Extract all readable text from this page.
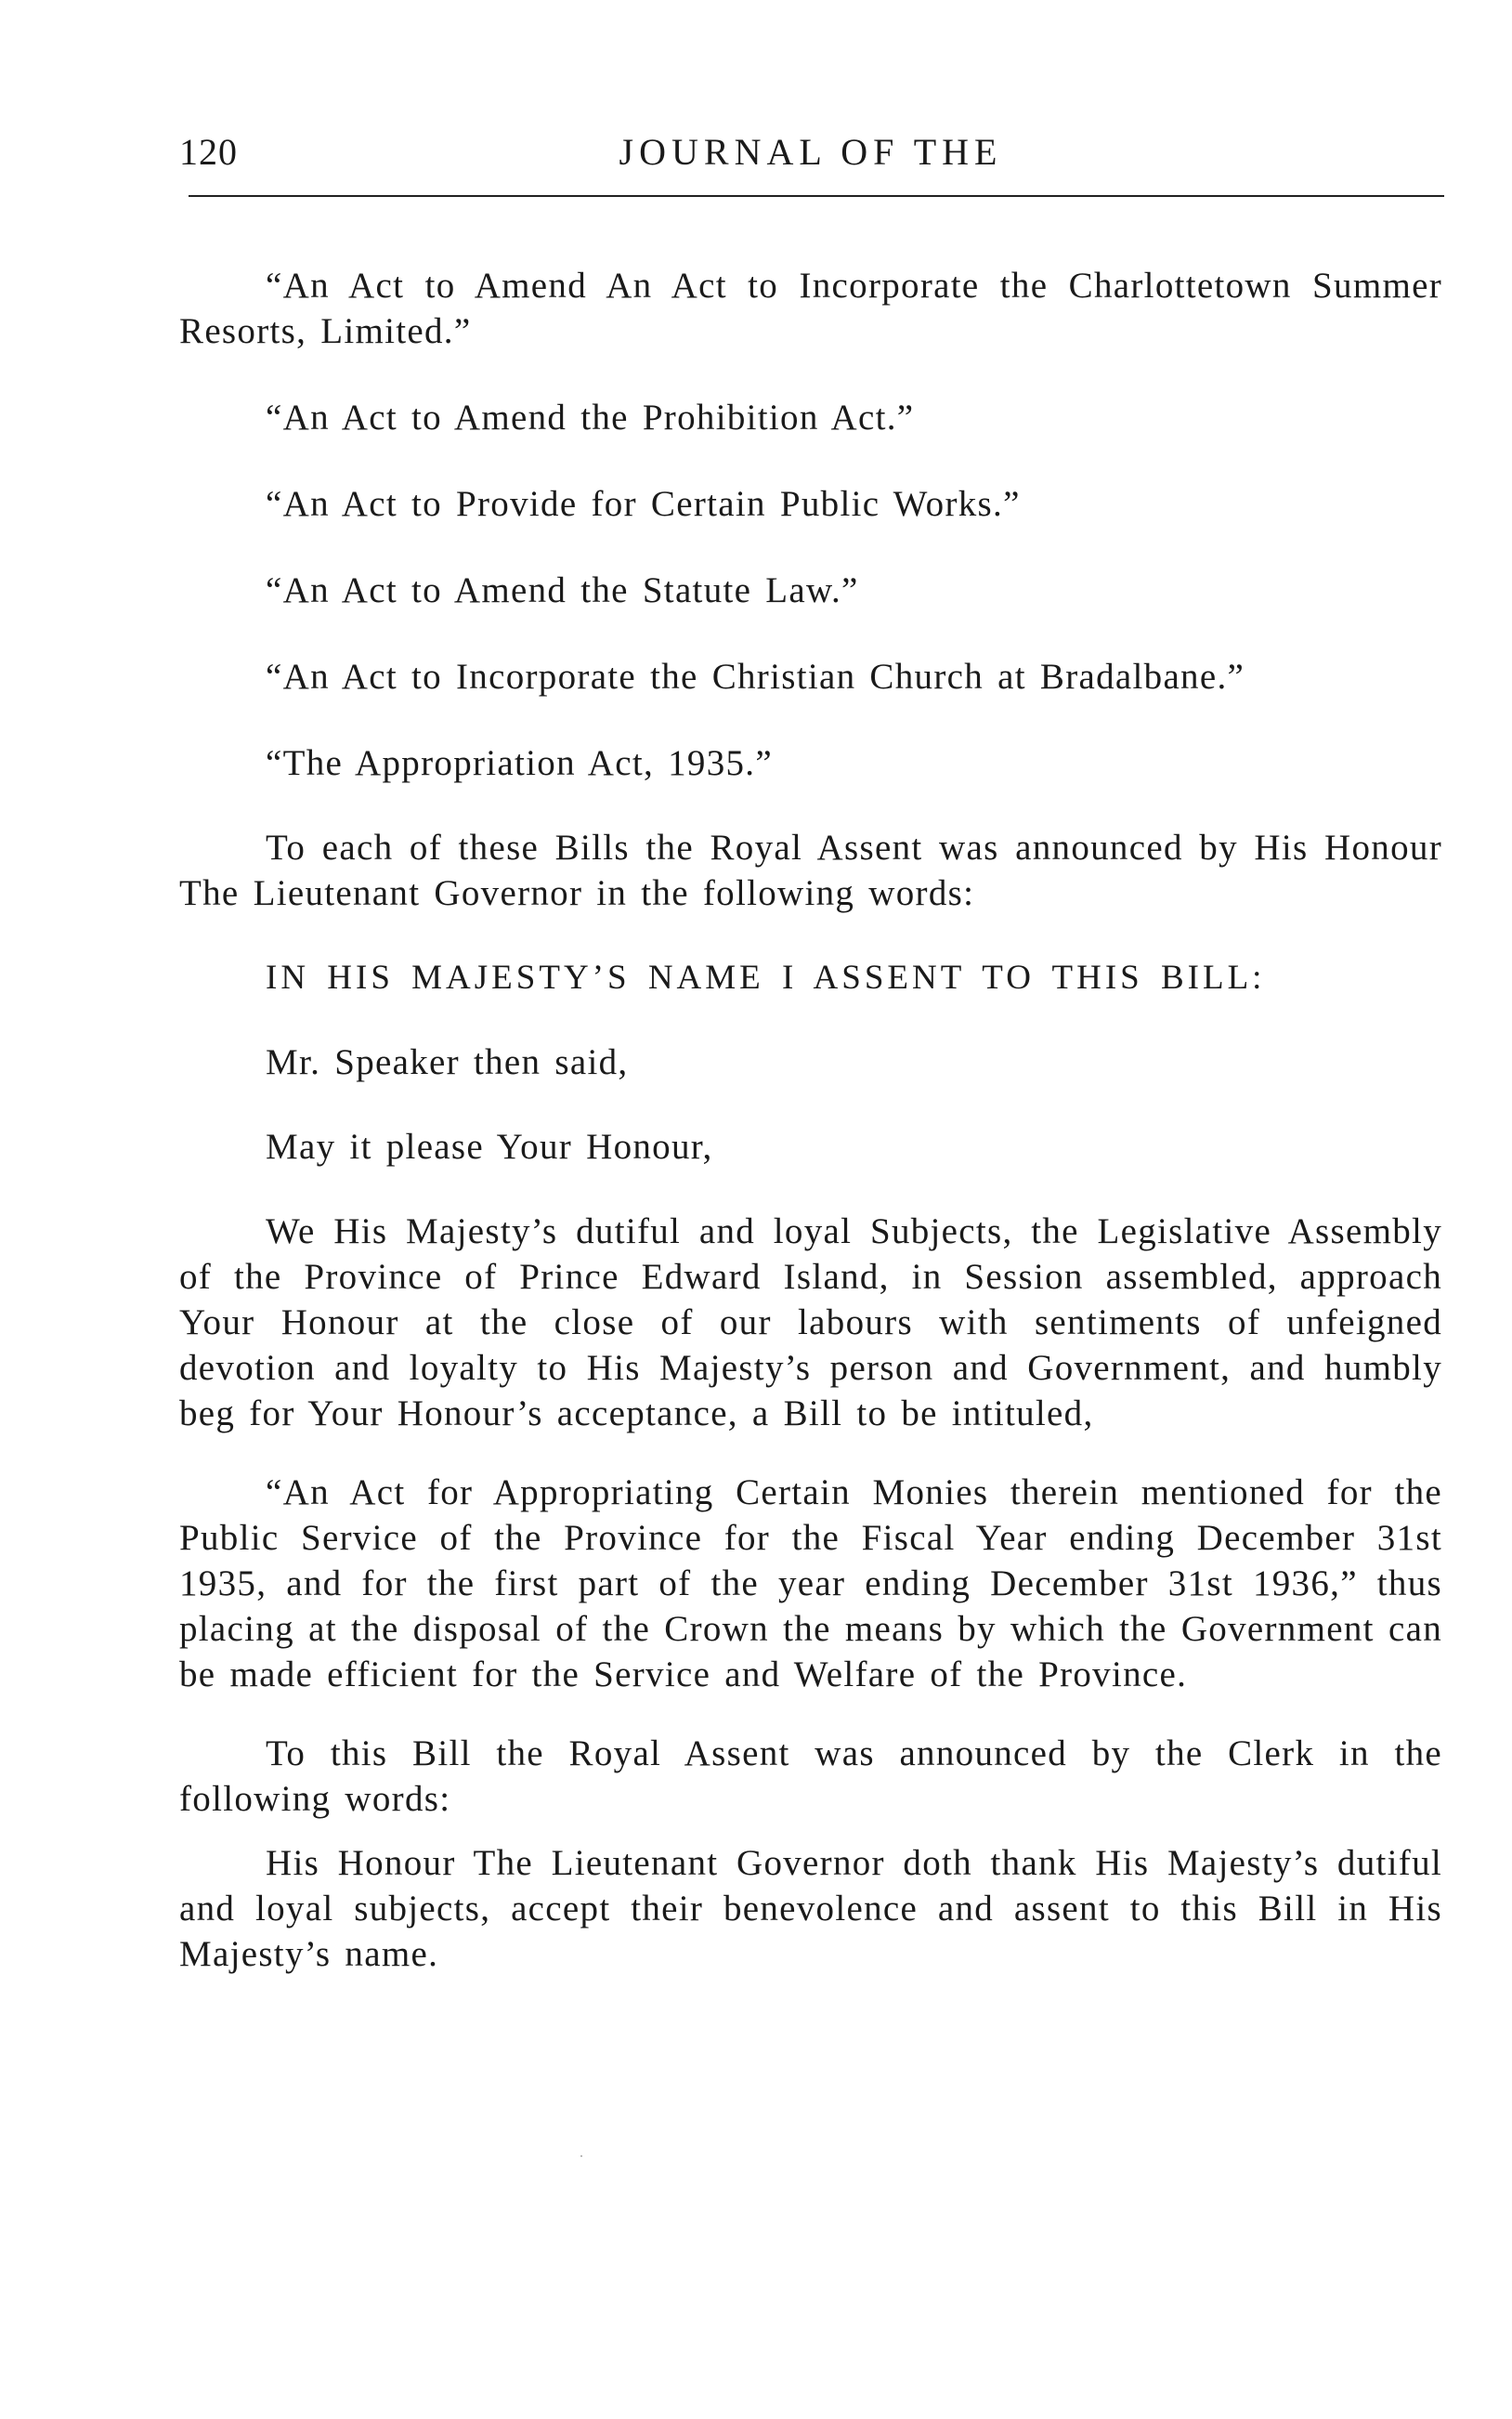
120	JOURNAL OF THE

“An Act to Amend An Act to Incorporate the Charlottetown Summer Resorts, Limited.”

“An Act to Amend the Prohibition Act.”

“An Act to Provide for Certain Public Works.”

“An Act to Amend the Statute Law.”

“An Act to Incorporate the Christian Church at Bradalbane.”

“The Appropriation Act, 1935.”

To each of these Bills the Royal Assent was announced by His Honour The Lieutenant Governor in the following words:

IN HIS MAJESTY’S NAME I ASSENT TO THIS BILL:

Mr. Speaker then said,

May it please Your Honour,

We His Majesty’s dutiful and loyal Subjects, the Legislative Assembly of the Province of Prince Edward Island, in Session assembled, approach Your Honour at the close of our labours with sentiments of unfeigned devotion and loyalty to His Majesty’s person and Government, and humbly beg for Your Honour’s acceptance, a Bill to be intituled,

“An Act for Appropriating Certain Monies therein mentioned for the Public Service of the Province for the Fiscal Year ending December 31st 1935, and for the first part of the year ending December 31st 1936,” thus placing at the disposal of the Crown the means by which the Government can be made efficient for the Service and Welfare of the Province.

To this Bill the Royal Assent was announced by the Clerk in the following words:

His Honour The Lieutenant Governor doth thank His Majesty’s dutiful and loyal subjects, accept their benevolence and assent to this Bill in His Majesty’s name.
